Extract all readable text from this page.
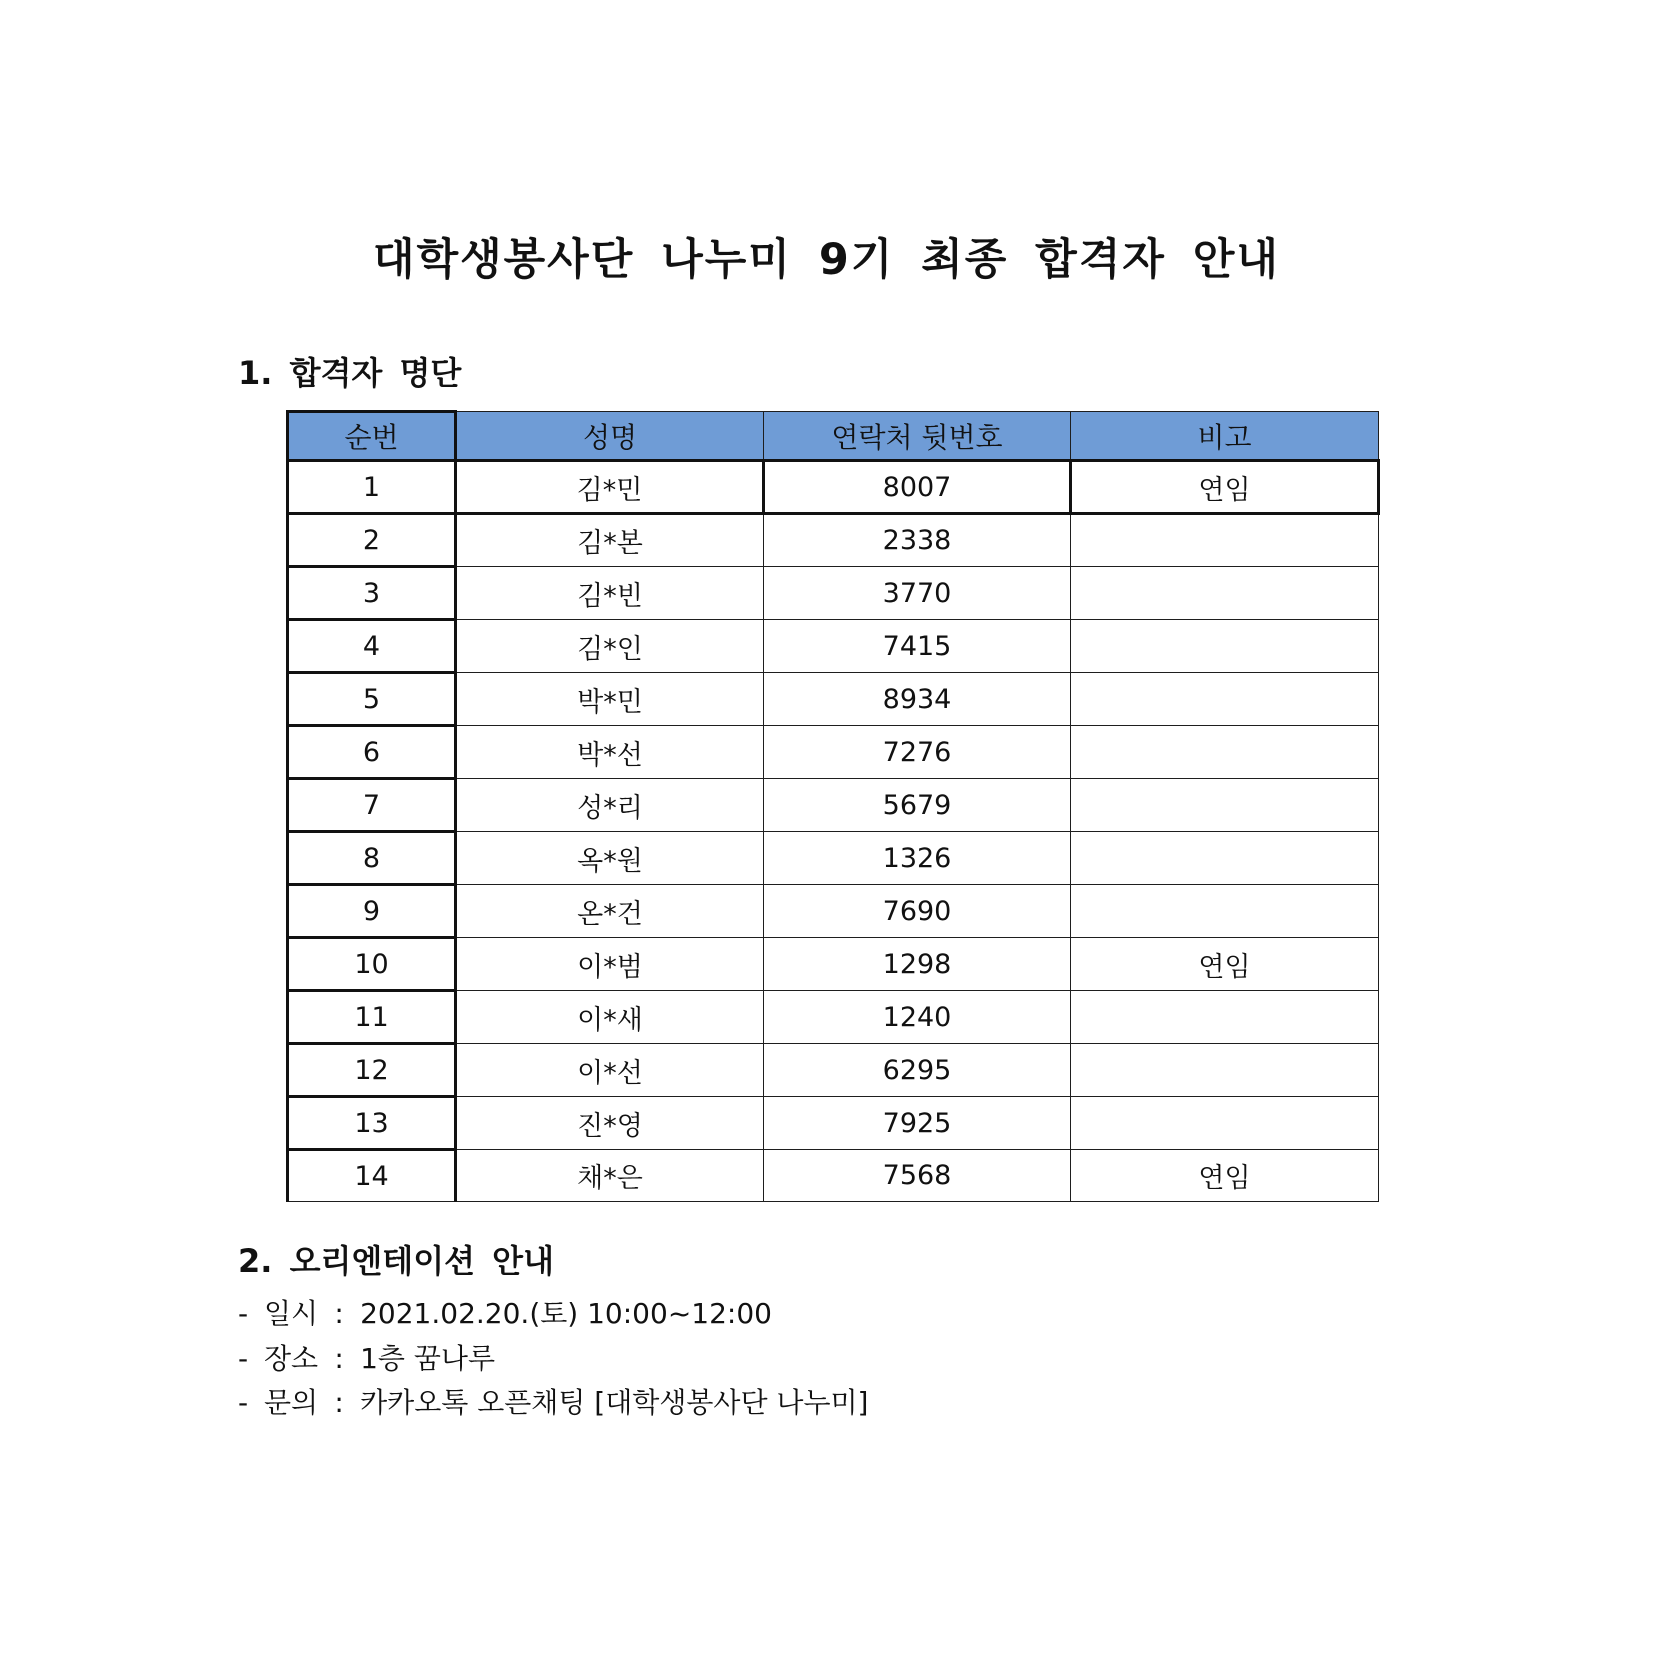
대학생봉사단 나누미 9기 최종 합격자 안내
1. 합격자 명단
순번	성명	연락처 뒷번호	비고
1	김*민	8007	연임
2	김*본	2338	
3	김*빈	3770	
4	김*인	7415	
5	박*민	8934	
6	박*선	7276	
7	성*리	5679	
8	옥*원	1326	
9	온*건	7690	
10	이*범	1298	연임
11	이*새	1240	
12	이*선	6295	
13	진*영	7925	
14	채*은	7568	연임
2. 오리엔테이션 안내
- 일시 : 2021.02.20.(토) 10:00~12:00
- 장소 : 1층 꿈나루
- 문의 : 카카오톡 오픈채팅 [대학생봉사단 나누미]
